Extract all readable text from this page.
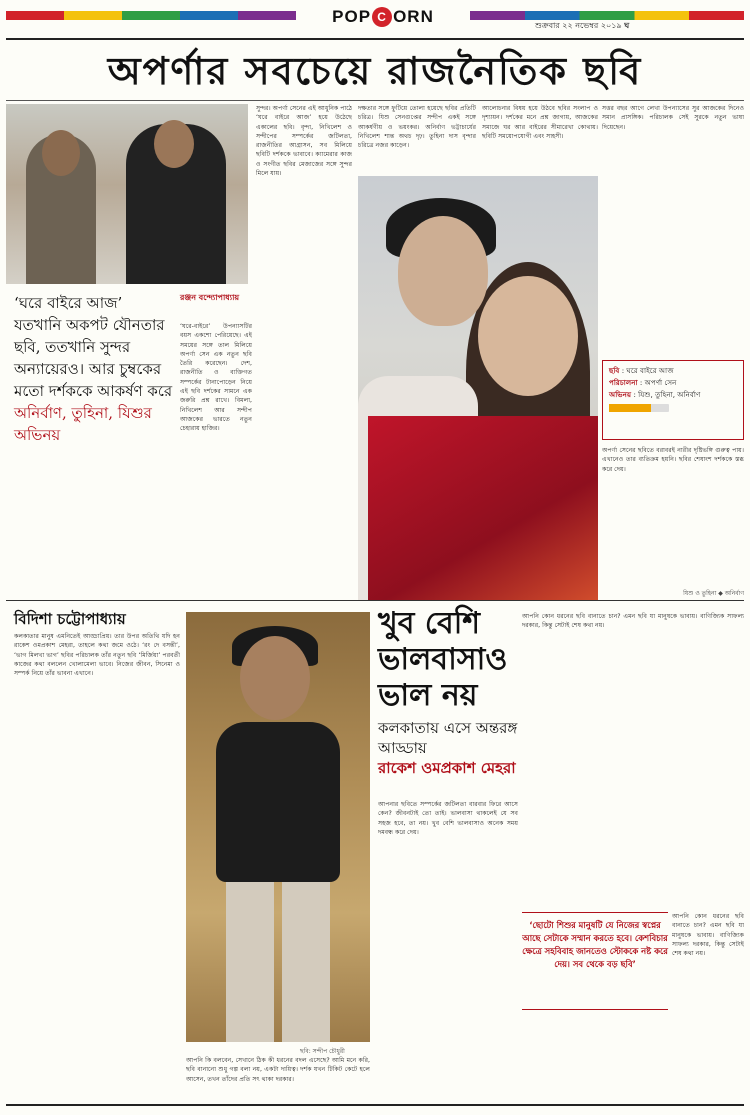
POP C ORN	শুক্রবার ২২ নভেম্বর ২০১৯ ঘ
অপর্ণার সবচেয়ে রাজনৈতিক ছবি
‘ঘরে বাইরে আজ’ যতখানি অকপট যৌনতার ছবি, ততখানি সুন্দর অন্যায়েরও। আর চুম্বকের মতো দর্শককে আকর্ষণ করে অনির্বাণ, তুহিনা, যিশুর অভিনয়
রঞ্জন বন্দ্যোপাধ্যায়

‘ঘরে-বাইরে’ উপন্যাসটির বয়স একশো পেরিয়েছে। এই সময়ের সঙ্গে তাল মিলিয়ে অপর্ণা সেন এক নতুন ছবি তৈরি করেছেন। দেশ, রাজনীতি ও ব্যক্তিগত সম্পর্কের টানাপোড়েন নিয়ে এই ছবি দর্শকের সামনে এক জরুরি প্রশ্ন রাখে। বিমলা, নিখিলেশ আর সন্দীপ আজকের ভারতে নতুন চেহারায় হাজির।

সুন্দর। অপর্ণা সেনের এই আধুনিক পাঠে ‘ঘরে বাইরে আজ’ হয়ে উঠেছে একালের ছবি। বৃন্দা, নিখিলেশ ও সন্দীপের সম্পর্কের জটিলতা, রাজনীতির আগ্রাসন, সব মিলিয়ে ছবিটি দর্শককে ভাবাবে। ক্যামেরার কাজ ও সংগীত ছবির মেজাজের সঙ্গে সুন্দর মিলে যায়।

দক্ষতার সঙ্গে ফুটিয়ে তোলা হয়েছে ছবির প্রতিটি চরিত্র। যিশু সেনগুপ্তের সন্দীপ একই সঙ্গে আকর্ষণীয় ও ভয়ংকর। অনির্বাণ ভট্টাচার্যের নিখিলেশ শান্ত অথচ দৃঢ়। তুহিনা দাস বৃন্দার চরিত্রে নজর কাড়েন।

আলোচনার বিষয় হয়ে উঠবে ছবির সংলাপ ও দৃশ্যায়ন। দর্শকের মনে প্রশ্ন জাগায়, আজকের সমাজে ঘর আর বাইরের সীমারেখা কোথায়। ছবিটি সময়োপযোগী এবং সাহসী।

সত্তর বছর আগে লেখা উপন্যাসের সুর আজকের দিনেও সমান প্রাসঙ্গিক। পরিচালক সেই সুরকে নতুন ভাষা দিয়েছেন।

অপর্ণা সেনের ছবিতে বরাবরই নারীর দৃষ্টিভঙ্গি গুরুত্ব পায়। এখানেও তার ব্যতিক্রম হয়নি। ছবির শেষাংশ দর্শককে স্তব্ধ করে দেয়।

ছবি : ঘরে বাইরে আজ
পরিচালনা : অপর্ণা সেন
অভিনয় : যিশু, তুহিনা, অনির্বাণ
যিশু ও তুহিনা ◆ অনির্বাণ
বিদিশা চট্টোপাধ্যায়

কলকাতার মানুষ এমনিতেই আড্ডাপ্রিয়। তার উপর অতিথি যদি হন রাকেশ ওমপ্রকাশ মেহরা, তাহলে কথা জমে ওঠে। ‘রং দে বসন্তী’, ‘ভাগ মিলখা ভাগ’ ছবির পরিচালক তাঁর নতুন ছবি ‘মির্জিয়া’ পরবর্তী কাজের কথা বললেন খোলামেলা ভাবে। নিজের জীবন, সিনেমা ও সম্পর্ক নিয়ে তাঁর ভাবনা এখানে।

ছবি: সন্দীপ চৌধুরী

আপনি কি বলবেন, সেখানে ঠিক কী ধরনের বদল এসেছে? আমি মনে করি, ছবি বানানো শুধু গল্প বলা নয়, একটা দায়িত্ব। দর্শক যখন টিকিট কেটে হলে আসেন, তখন তাঁদের প্রতি সৎ থাকা দরকার।

খুব বেশি ভালবাসাও ভাল নয়
কলকাতায় এসে অন্তরঙ্গ আড্ডায়
রাকেশ ওমপ্রকাশ মেহরা

আপনার ছবিতে সম্পর্কের জটিলতা বারবার ফিরে আসে কেন? জীবনটাই তো তাই। ভালবাসা থাকলেই যে সব সহজ হবে, তা নয়। খুব বেশি ভালবাসাও অনেক সময় দমবন্ধ করে দেয়।

আপনি কোন ধরনের ছবি বানাতে চান? এমন ছবি যা মানুষকে ভাবায়। বাণিজ্যিক সাফল্য দরকার, কিন্তু সেটাই শেষ কথা নয়।

‘ছোটো শিশুর মানুষটি যে নিজের স্বপ্নের আছে সেটাকে সম্মান করতে হবে। কেশবিচার ক্ষেত্রে সহবিবাহ জানতেও স্টোককে নষ্ট করে দেয়। সব থেকে বড় ছবি’

আপনি কোন ধরনের ছবি বানাতে চান? এমন ছবি যা মানুষকে ভাবায়। বাণিজ্যিক সাফল্য দরকার, কিন্তু সেটাই শেষ কথা নয়।
